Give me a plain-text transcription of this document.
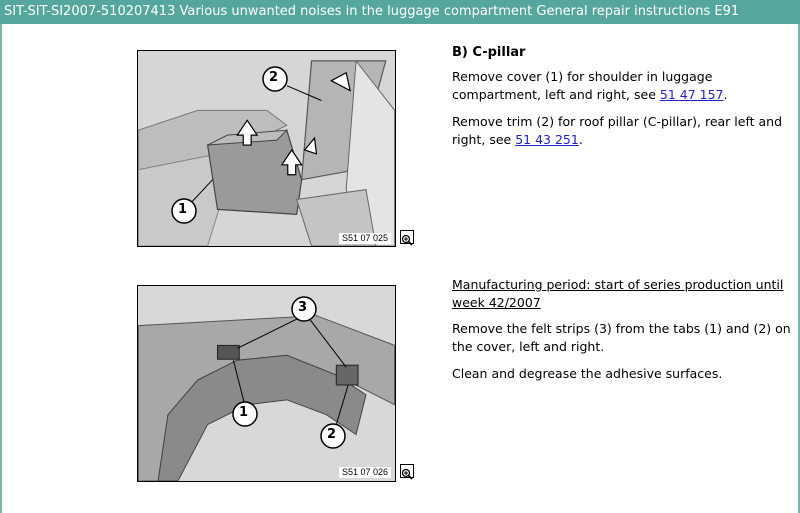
SIT-SIT-SI2007-510207413 Various unwanted noises in the luggage compartment General repair instructions E91
2
1
S51 07 025
3
1
2
S51 07 026
B) C-pillar
Remove cover (1) for shoulder in luggage compartment, left and right, see 51 47 157.
Remove trim (2) for roof pillar (C-pillar), rear left and right, see 51 43 251.
Manufacturing period: start of series production until week 42/2007
Remove the felt strips (3) from the tabs (1) and (2) on the cover, left and right.
Clean and degrease the adhesive surfaces.
